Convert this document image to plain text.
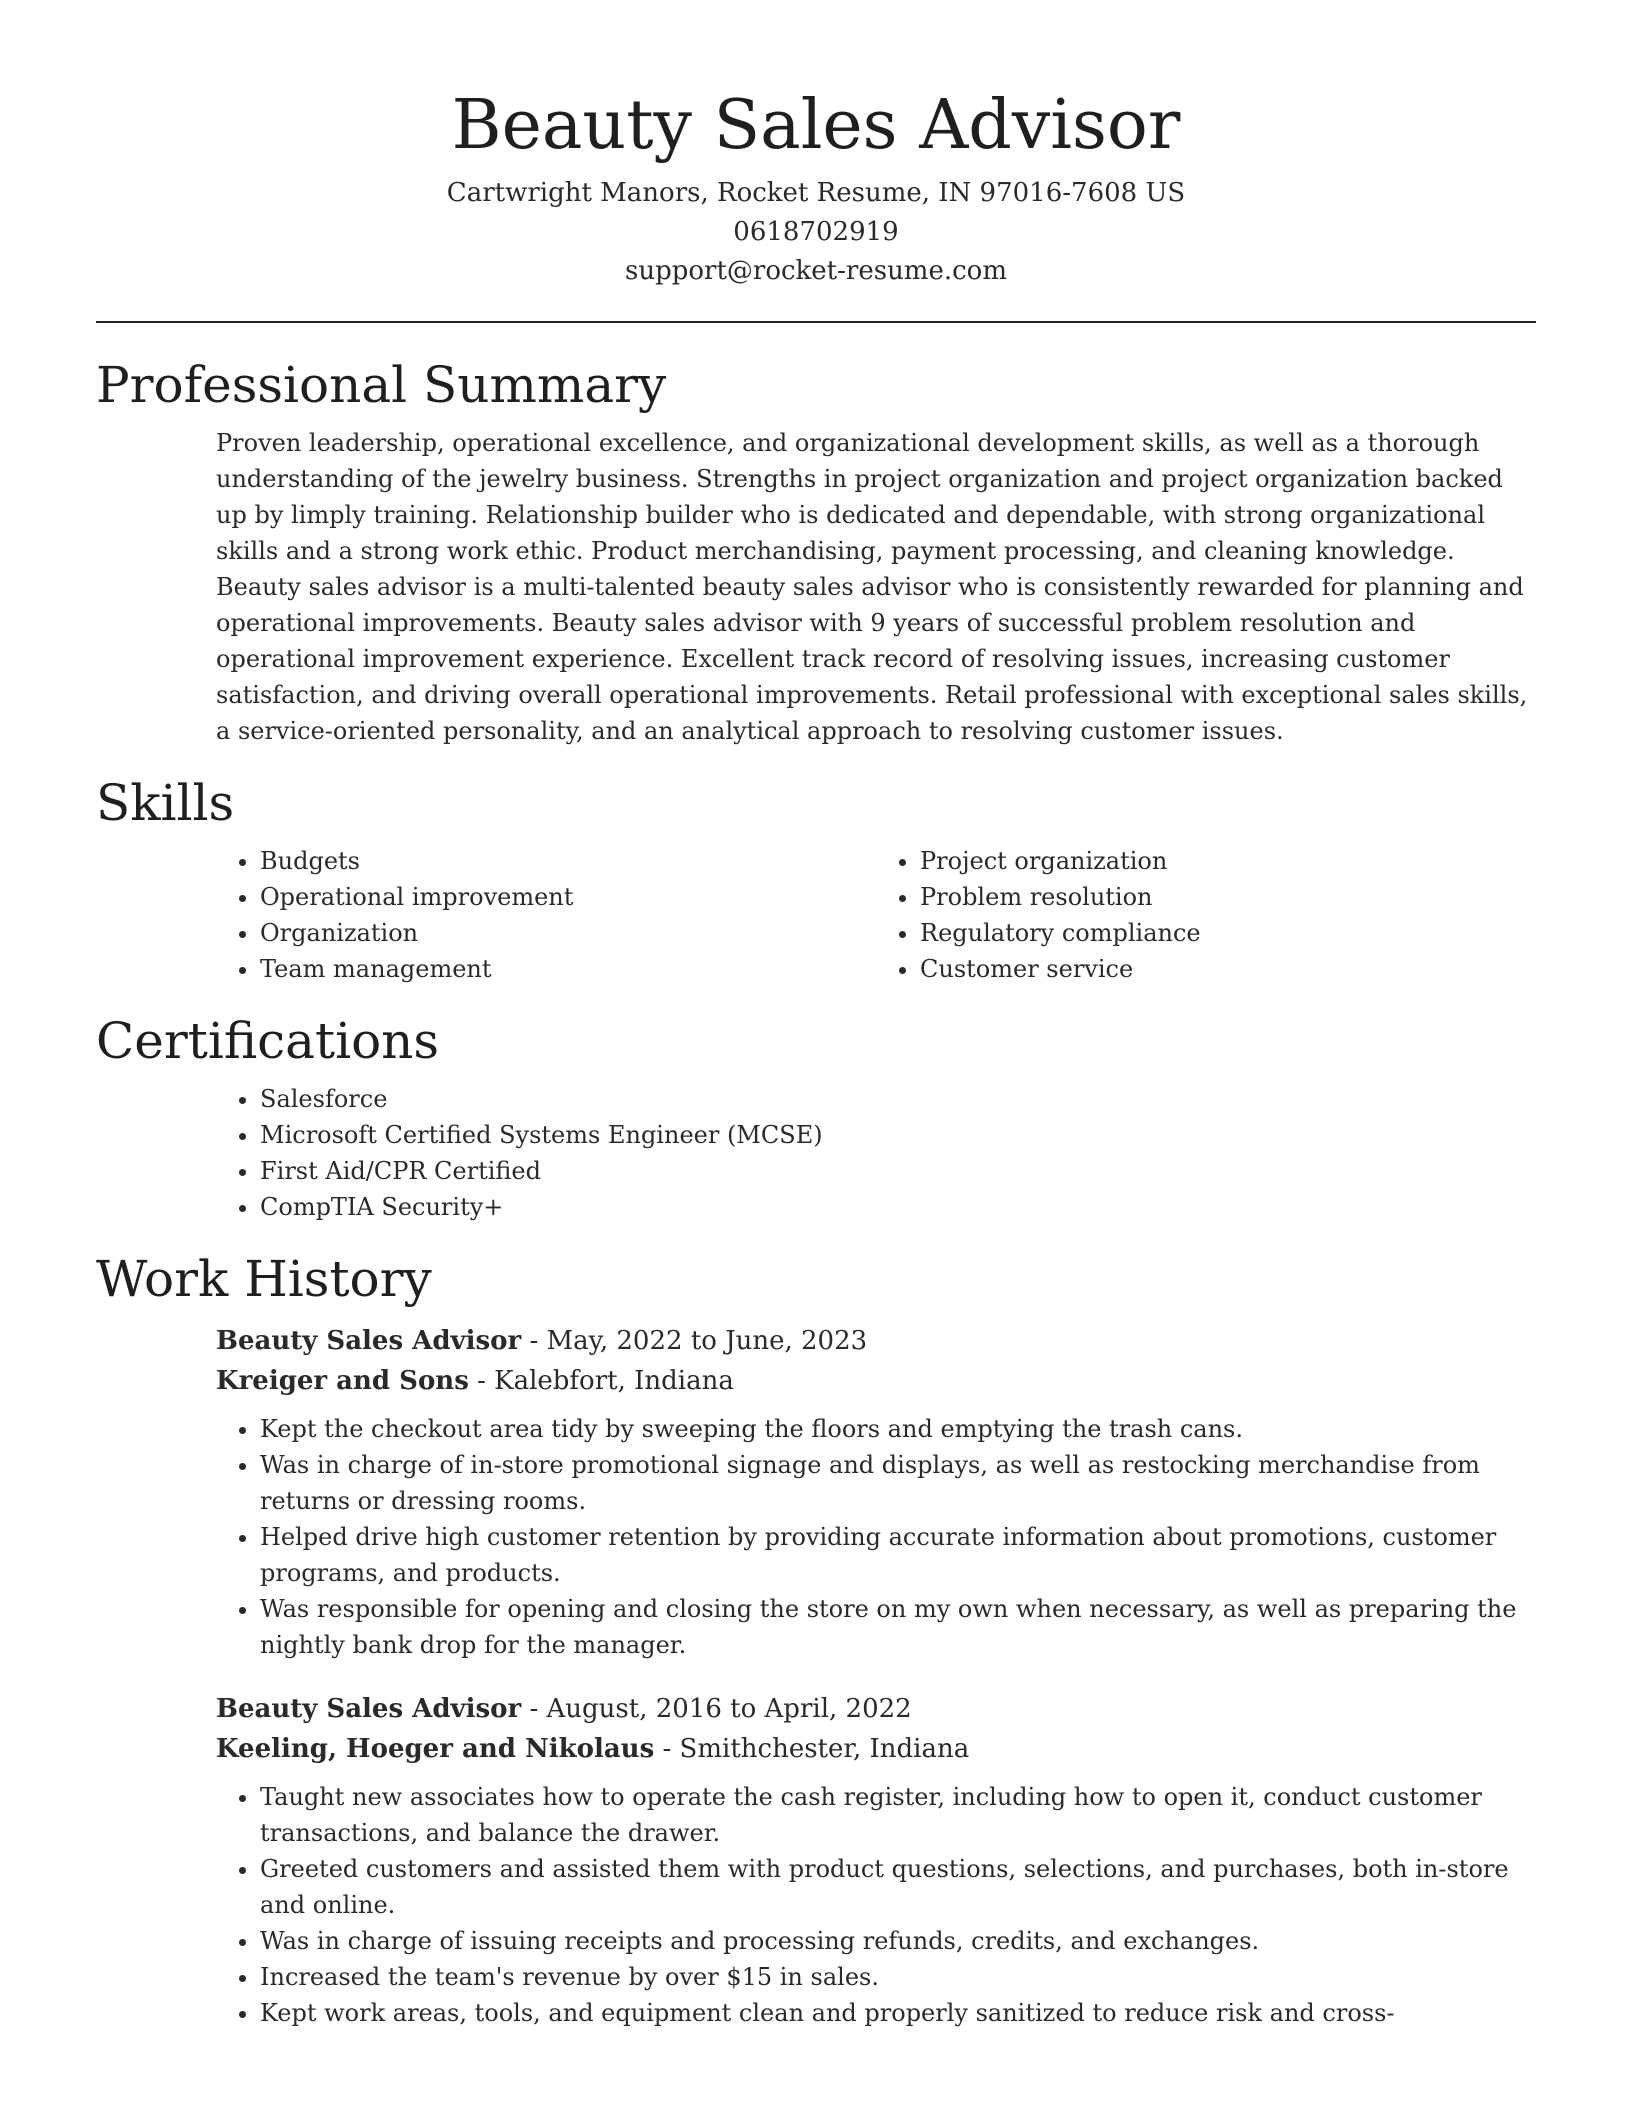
Beauty Sales Advisor
Cartwright Manors, Rocket Resume, IN 97016-7608 US
0618702919
support@rocket-resume.com
Professional Summary

Proven leadership, operational excellence, and organizational development skills, as well as a thorough understanding of the jewelry business. Strengths in project organization and project organization backed up by limply training. Relationship builder who is dedicated and dependable, with strong organizational skills and a strong work ethic. Product merchandising, payment processing, and cleaning knowledge. Beauty sales advisor is a multi-talented beauty sales advisor who is consistently rewarded for planning and operational improvements. Beauty sales advisor with 9 years of successful problem resolution and operational improvement experience. Excellent track record of resolving issues, increasing customer satisfaction, and driving overall operational improvements. Retail professional with exceptional sales skills, a service-oriented personality, and an analytical approach to resolving customer issues.

Skills
• Budgets
• Operational improvement
• Organization
• Team management
• Project organization
• Problem resolution
• Regulatory compliance
• Customer service
Certifications
• Salesforce
• Microsoft Certified Systems Engineer (MCSE)
• First Aid/CPR Certified
• CompTIA Security+
Work History
Beauty Sales Advisor - May, 2022 to June, 2023
Kreiger and Sons - Kalebfort, Indiana
• Kept the checkout area tidy by sweeping the floors and emptying the trash cans.
• Was in charge of in-store promotional signage and displays, as well as restocking merchandise from returns or dressing rooms.
• Helped drive high customer retention by providing accurate information about promotions, customer programs, and products.
• Was responsible for opening and closing the store on my own when necessary, as well as preparing the nightly bank drop for the manager.
Beauty Sales Advisor - August, 2016 to April, 2022
Keeling, Hoeger and Nikolaus - Smithchester, Indiana
• Taught new associates how to operate the cash register, including how to open it, conduct customer transactions, and balance the drawer.
• Greeted customers and assisted them with product questions, selections, and purchases, both in-store and online.
• Was in charge of issuing receipts and processing refunds, credits, and exchanges.
• Increased the team's revenue by over $15 in sales.
• Kept work areas, tools, and equipment clean and properly sanitized to reduce risk and cross-
